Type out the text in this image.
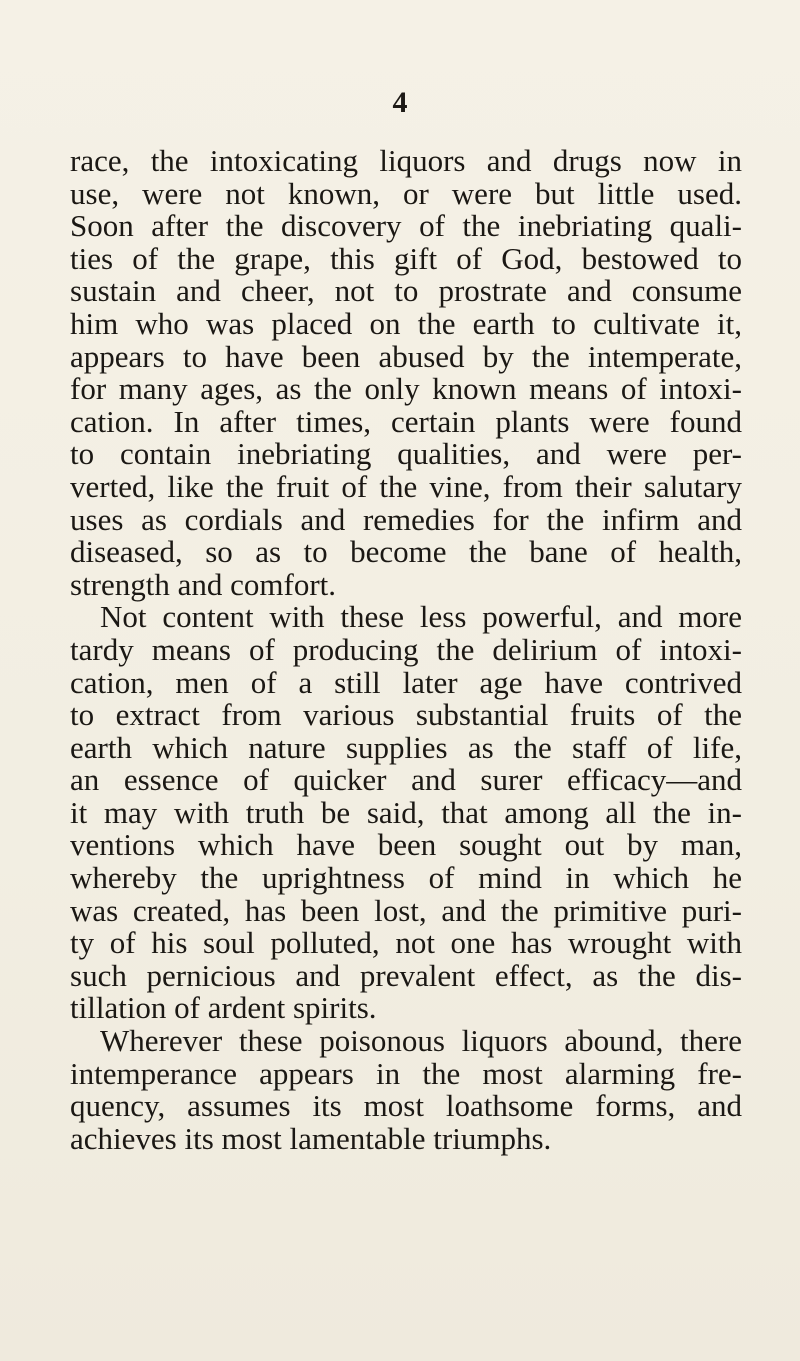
4
race, the intoxicating liquors and drugs now in
use, were not known, or were but little used.
Soon after the discovery of the inebriating quali-
ties of the grape, this gift of God, bestowed to
sustain and cheer, not to prostrate and consume
him who was placed on the earth to cultivate it,
appears to have been abused by the intemperate,
for many ages, as the only known means of intoxi-
cation. In after times, certain plants were found
to contain inebriating qualities, and were per-
verted, like the fruit of the vine, from their salutary
uses as cordials and remedies for the infirm and
diseased, so as to become the bane of health,
strength and comfort.
Not content with these less powerful, and more
tardy means of producing the delirium of intoxi-
cation, men of a still later age have contrived
to extract from various substantial fruits of the
earth which nature supplies as the staff of life,
an essence of quicker and surer efficacy—and
it may with truth be said, that among all the in-
ventions which have been sought out by man,
whereby the uprightness of mind in which he
was created, has been lost, and the primitive puri-
ty of his soul polluted, not one has wrought with
such pernicious and prevalent effect, as the dis-
tillation of ardent spirits.
Wherever these poisonous liquors abound, there
intemperance appears in the most alarming fre-
quency, assumes its most loathsome forms, and
achieves its most lamentable triumphs.
